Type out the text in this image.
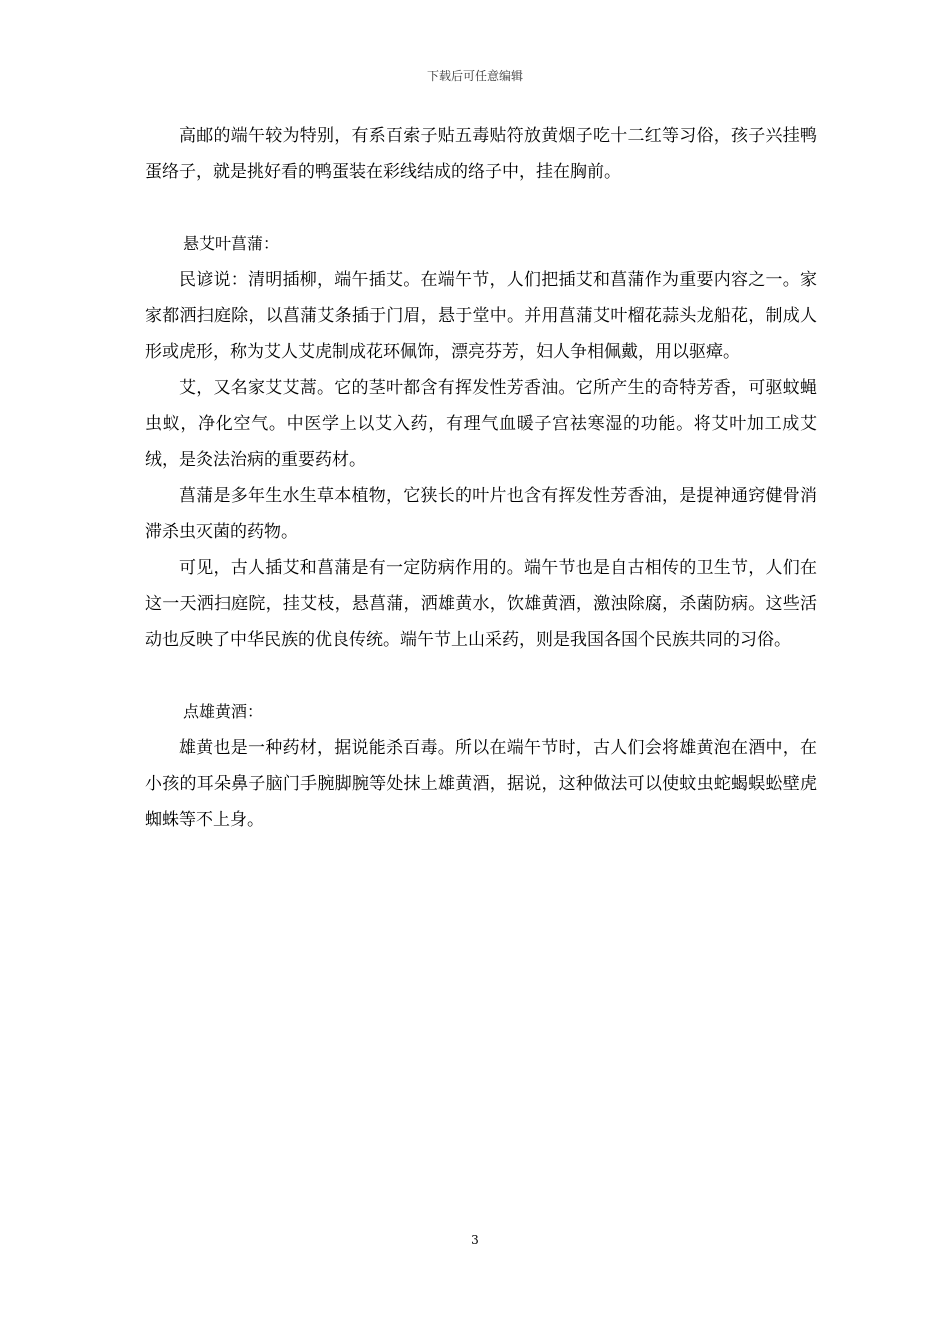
下载后可任意编辑

高邮的端午较为特别，有系百索子贴五毒贴符放黄烟子吃十二红等习俗，孩子兴挂鸭蛋络子，就是挑好看的鸭蛋装在彩线结成的络子中，挂在胸前。

悬艾叶菖蒲：

民谚说：清明插柳，端午插艾。在端午节，人们把插艾和菖蒲作为重要内容之一。家家都洒扫庭除，以菖蒲艾条插于门眉，悬于堂中。并用菖蒲艾叶榴花蒜头龙船花，制成人形或虎形，称为艾人艾虎制成花环佩饰，漂亮芬芳，妇人争相佩戴，用以驱瘴。

艾，又名家艾艾蒿。它的茎叶都含有挥发性芳香油。它所产生的奇特芳香，可驱蚊蝇虫蚁，净化空气。中医学上以艾入药，有理气血暖子宫祛寒湿的功能。将艾叶加工成艾绒，是灸法治病的重要药材。

菖蒲是多年生水生草本植物，它狭长的叶片也含有挥发性芳香油，是提神通窍健骨消滞杀虫灭菌的药物。

可见，古人插艾和菖蒲是有一定防病作用的。端午节也是自古相传的卫生节，人们在这一天洒扫庭院，挂艾枝，悬菖蒲，洒雄黄水，饮雄黄酒，激浊除腐，杀菌防病。这些活动也反映了中华民族的优良传统。端午节上山采药，则是我国各国个民族共同的习俗。

点雄黄酒：

雄黄也是一种药材，据说能杀百毒。所以在端午节时，古人们会将雄黄泡在酒中，在小孩的耳朵鼻子脑门手腕脚腕等处抹上雄黄酒，据说，这种做法可以使蚊虫蛇蝎蜈蚣壁虎蜘蛛等不上身。

3
